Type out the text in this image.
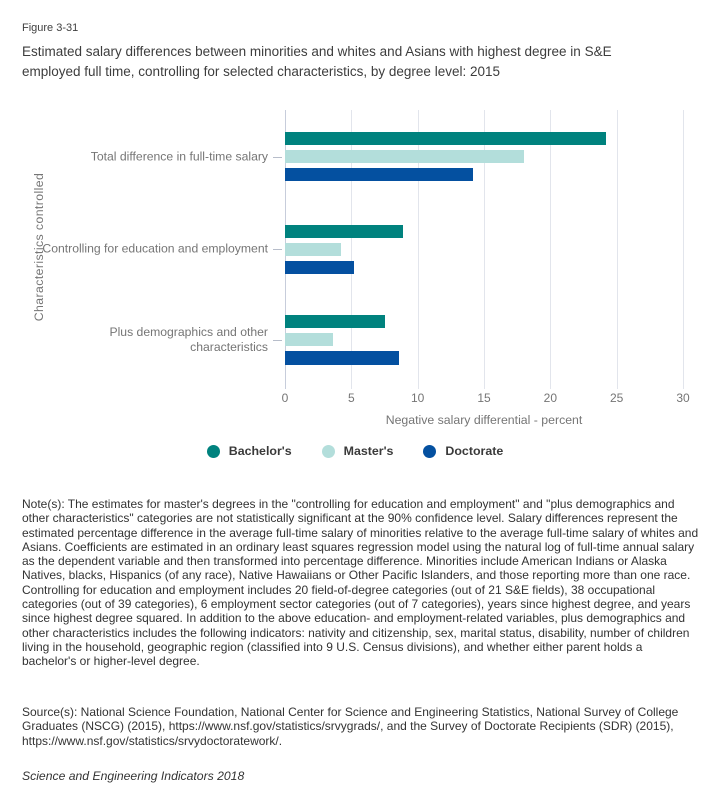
Figure 3-31
Estimated salary differences between minorities and whites and Asians with highest degree in S&E employed full time, controlling for selected characteristics, by degree level: 2015
Characteristics controlled
Negative salary differential - percent
Bachelor's	Master's	Doctorate
0	5	10	15	20	25	30
Total difference in full-time salary
Controlling for education and employment
Plus demographics and other
characteristics
Note(s): The estimates for master's degrees in the "controlling for education and employment" and "plus demographics and other characteristics" categories are not statistically significant at the 90% confidence level. Salary differences represent the estimated percentage difference in the average full-time salary of minorities relative to the average full-time salary of whites and Asians. Coefficients are estimated in an ordinary least squares regression model using the natural log of full-time annual salary as the dependent variable and then transformed into percentage difference. Minorities include American Indians or Alaska Natives, blacks, Hispanics (of any race), Native Hawaiians or Other Pacific Islanders, and those reporting more than one race. Controlling for education and employment includes 20 field-of-degree categories (out of 21 S&E fields), 38 occupational categories (out of 39 categories), 6 employment sector categories (out of 7 categories), years since highest degree, and years since highest degree squared. In addition to the above education- and employment-related variables, plus demographics and other characteristics includes the following indicators: nativity and citizenship, sex, marital status, disability, number of children living in the household, geographic region (classified into 9 U.S. Census divisions), and whether either parent holds a bachelor's or higher-level degree.
Source(s): National Science Foundation, National Center for Science and Engineering Statistics, National Survey of College Graduates (NSCG) (2015), https://www.nsf.gov/statistics/srvygrads/, and the Survey of Doctorate Recipients (SDR) (2015), https://www.nsf.gov/statistics/srvydoctoratework/.
Science and Engineering Indicators 2018
